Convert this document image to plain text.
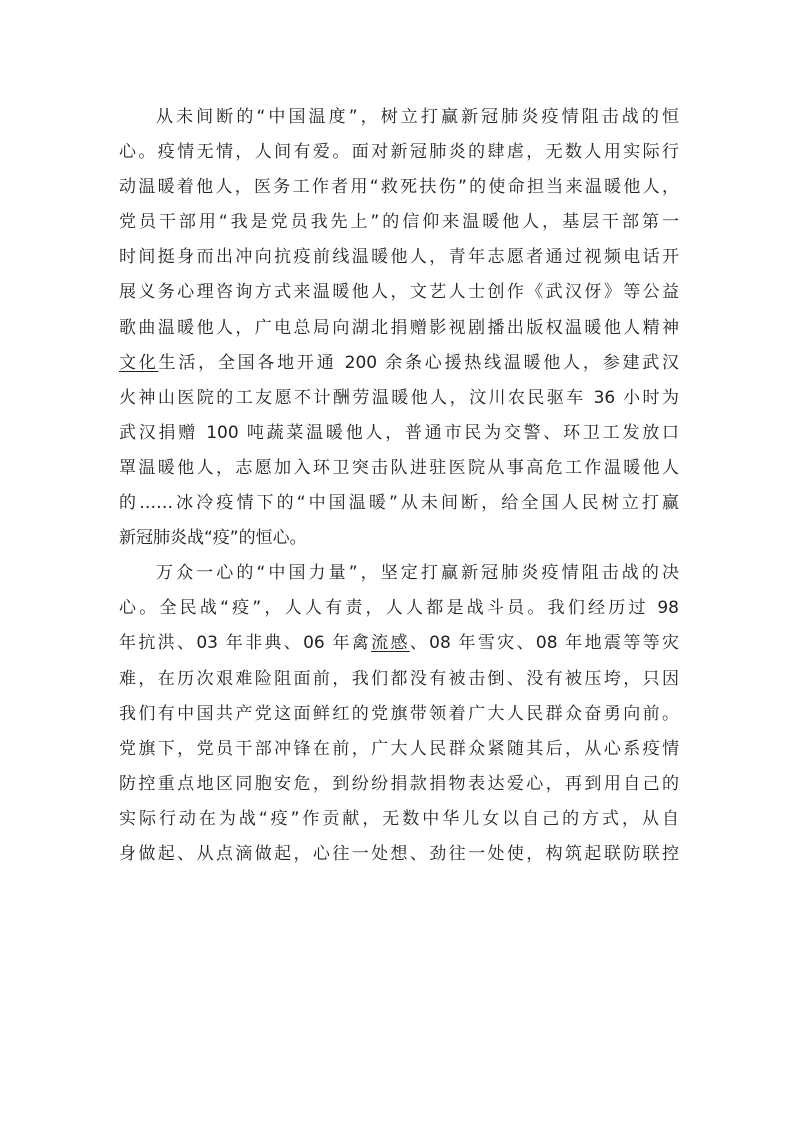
从未间断的“中国温度”，树立打赢新冠肺炎疫情阻击战的恒
心。疫情无情，人间有爱。面对新冠肺炎的肆虐，无数人用实际行
动温暖着他人，医务工作者用“救死扶伤”的使命担当来温暖他人，
党员干部用“我是党员我先上”的信仰来温暖他人，基层干部第一
时间挺身而出冲向抗疫前线温暖他人，青年志愿者通过视频电话开
展义务心理咨询方式来温暖他人，文艺人士创作《武汉伢》等公益
歌曲温暖他人，广电总局向湖北捐赠影视剧播出版权温暖他人精神
文化生活，全国各地开通 200 余条心援热线温暖他人，参建武汉
火神山医院的工友愿不计酬劳温暖他人，汶川农民驱车 36 小时为
武汉捐赠 100 吨蔬菜温暖他人，普通市民为交警、环卫工发放口
罩温暖他人，志愿加入环卫突击队进驻医院从事高危工作温暖他人
的……冰冷疫情下的“中国温暖”从未间断，给全国人民树立打赢
新冠肺炎战“疫”的恒心。
万众一心的“中国力量”，坚定打赢新冠肺炎疫情阻击战的决
心。全民战“疫”，人人有责，人人都是战斗员。我们经历过 98
年抗洪、03 年非典、06 年禽流感、08 年雪灾、08 年地震等等灾
难，在历次艰难险阻面前，我们都没有被击倒、没有被压垮，只因
我们有中国共产党这面鲜红的党旗带领着广大人民群众奋勇向前。
党旗下，党员干部冲锋在前，广大人民群众紧随其后，从心系疫情
防控重点地区同胞安危，到纷纷捐款捐物表达爱心，再到用自己的
实际行动在为战“疫”作贡献，无数中华儿女以自己的方式，从自
身做起、从点滴做起，心往一处想、劲往一处使，构筑起联防联控
